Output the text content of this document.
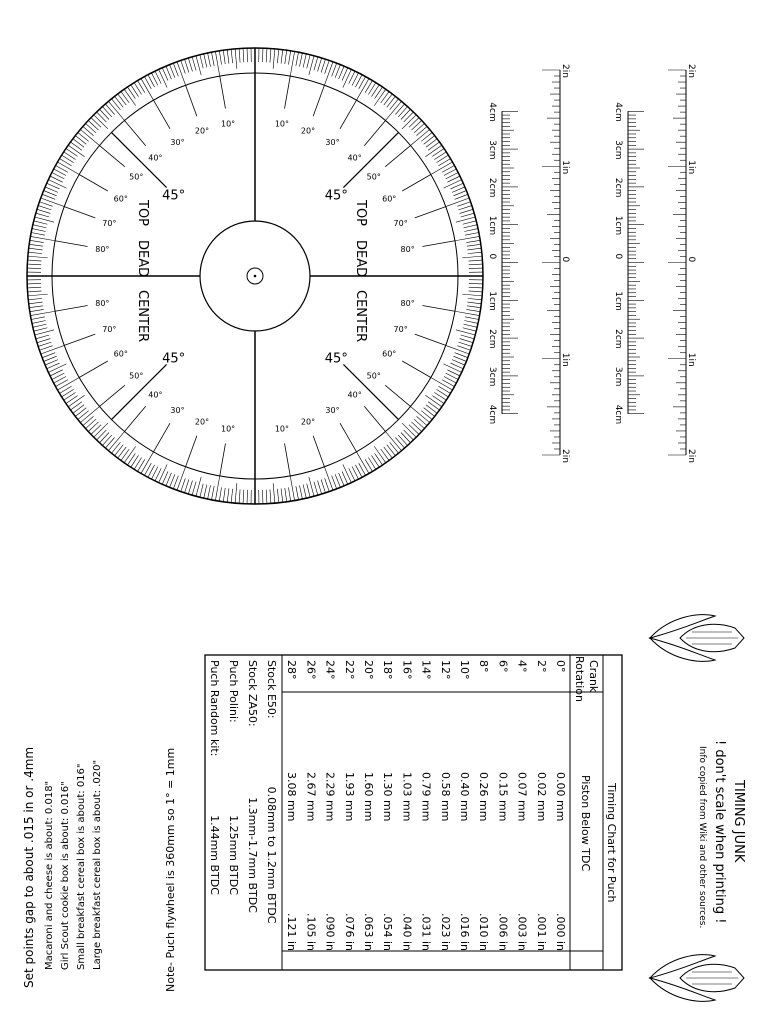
10°
20°
30°
40°
50°
60°
70°
80°
45°
10°
20°
30°
40°
50°
60°
70°
80°
45°
10°
20°
30°
40°
50°
60°
70°
80°
45°
10°
20°
30°
40°
50°
60°
70°
80°
45°
TOP
DEAD
CENTER
TOP
DEAD
CENTER
2in
1in
0
1in
2in
4cm
3cm
2cm
1cm
0
1cm
2cm
3cm
4cm
2in
1in
0
1in
2in
4cm
3cm
2cm
1cm
0
1cm
2cm
3cm
4cm
TIMING JUNK
! don't scale when printing !
Info copied from Wiki and other sources.
Timing Chart for Puch
Crank
Rotation
Piston Below TDC
0°
0.00 mm
.000 in
2°
0.02 mm
.001 in
4°
0.07 mm
.003 in
6°
0.15 mm
.006 in
8°
0.26 mm
.010 in
10°
0.40 mm
.016 in
12°
0.58 mm
.023 in
14°
0.79 mm
.031 in
16°
1.03 mm
.040 in
18°
1.30 mm
.054 in
20°
1.60 mm
.063 in
22°
1.93 mm
.076 in
24°
2.29 mm
.090 in
26°
2.67 mm
.105 in
28°
3.08 mm
.121 in
Stock E50:
0.08mm to 1.2mm BTDC
Stock ZA50:
1.3mm-1.7mm BTDC
Puch Polini:
1.25mm BTDC
Puch Random kit:
1.44mm BTDC
Set points gap to about .015 in or .4mm Macaroni and cheese is about: 0.018" Girl Scout cookie box is about: 0.016" Small breakfast cereal box is about: 016" Large breakfast cereal box is about: .020"	Note- Puch flywheel is 360mm so 1° = 1mm
